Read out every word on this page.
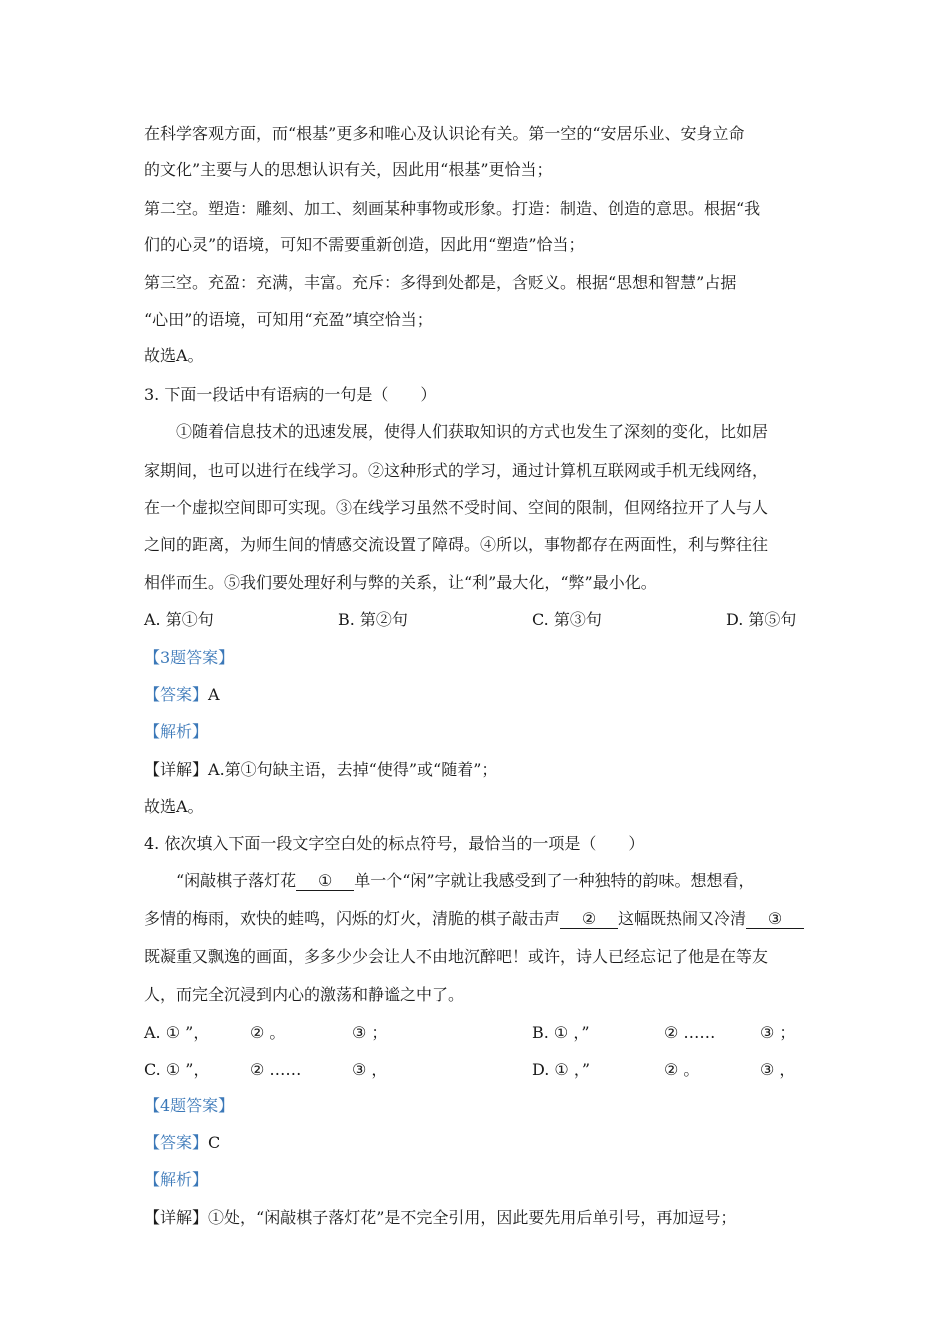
在科学客观方面，而“根基”更多和唯心及认识论有关。第一空的“安居乐业、安身立命
的文化”主要与人的思想认识有关，因此用“根基”更恰当；
第二空。塑造：雕刻、加工、刻画某种事物或形象。打造：制造、创造的意思。根据“我
们的心灵”的语境，可知不需要重新创造，因此用“塑造”恰当；
第三空。充盈：充满，丰富。充斥：多得到处都是，含贬义。根据“思想和智慧”占据
“心田”的语境，可知用“充盈”填空恰当；
故选A。
3. 下面一段话中有语病的一句是（　　）
①随着信息技术的迅速发展，使得人们获取知识的方式也发生了深刻的变化，比如居
家期间，也可以进行在线学习。②这种形式的学习，通过计算机互联网或手机无线网络，
在一个虚拟空间即可实现。③在线学习虽然不受时间、空间的限制，但网络拉开了人与人
之间的距离，为师生间的情感交流设置了障碍。④所以，事物都存在两面性，利与弊往往
相伴而生。⑤我们要处理好利与弊的关系，让“利”最大化，“弊”最小化。
A. 第①句	B. 第②句	C. 第③句	D. 第⑤句
【3题答案】
【答案】A
【解析】
【详解】A.第①句缺主语，去掉“使得”或“随着”；
故选A。
4. 依次填入下面一段文字空白处的标点符号，最恰当的一项是（　　）
“闲敲棋子落灯花 ① 单一个“闲”字就让我感受到了一种独特的韵味。想想看，
多情的梅雨，欢快的蛙鸣，闪烁的灯火，清脆的棋子敲击声 ② 这幅既热闹又冷清 ③
既凝重又飘逸的画面，多多少少会让人不由地沉醉吧！或许，诗人已经忘记了他是在等友
人，而完全沉浸到内心的激荡和静谧之中了。
A. ① ”，	② 。	③ ；	B. ① ，”	② ……	③ ；
C. ① ”，	② ……	③ ，	D. ① ，”	② 。	③ ，
【4题答案】
【答案】C
【解析】
【详解】①处，“闲敲棋子落灯花”是不完全引用，因此要先用后单引号，再加逗号；
